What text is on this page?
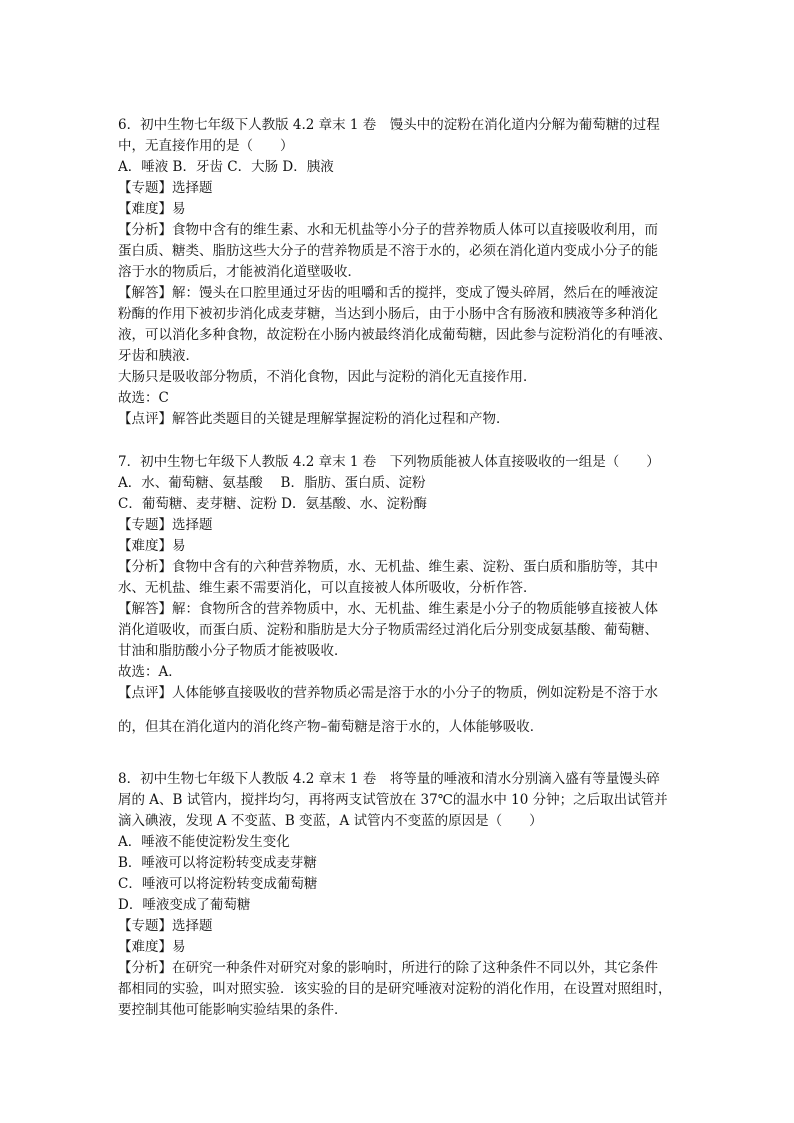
6．初中生物七年级下人教版 4.2 章末 1 卷　馒头中的淀粉在消化道内分解为葡萄糖的过程
中，无直接作用的是（　　）
A．唾液 B．牙齿 C．大肠 D．胰液
【专题】选择题
【难度】易
【分析】食物中含有的维生素、水和无机盐等小分子的营养物质人体可以直接吸收利用，而
蛋白质、糖类、脂肪这些大分子的营养物质是不溶于水的，必须在消化道内变成小分子的能
溶于水的物质后，才能被消化道壁吸收．
【解答】解：馒头在口腔里通过牙齿的咀嚼和舌的搅拌，变成了馒头碎屑，然后在的唾液淀
粉酶的作用下被初步消化成麦芽糖，当达到小肠后，由于小肠中含有肠液和胰液等多种消化
液，可以消化多种食物，故淀粉在小肠内被最终消化成葡萄糖，因此参与淀粉消化的有唾液、
牙齿和胰液．
大肠只是吸收部分物质，不消化食物，因此与淀粉的消化无直接作用．
故选：C
【点评】解答此类题目的关键是理解掌握淀粉的消化过程和产物．
7．初中生物七年级下人教版 4.2 章末 1 卷　下列物质能被人体直接吸收的一组是（　　）
A．水、葡萄糖、氨基酸　 B．脂肪、蛋白质、淀粉
C．葡萄糖、麦芽糖、淀粉 D．氨基酸、水、淀粉酶
【专题】选择题
【难度】易
【分析】食物中含有的六种营养物质，水、无机盐、维生素、淀粉、蛋白质和脂肪等，其中
水、无机盐、维生素不需要消化，可以直接被人体所吸收，分析作答．
【解答】解：食物所含的营养物质中，水、无机盐、维生素是小分子的物质能够直接被人体
消化道吸收，而蛋白质、淀粉和脂肪是大分子物质需经过消化后分别变成氨基酸、葡萄糖、
甘油和脂肪酸小分子物质才能被吸收．
故选：A．
【点评】人体能够直接吸收的营养物质必需是溶于水的小分子的物质，例如淀粉是不溶于水
的，但其在消化道内的消化终产物–葡萄糖是溶于水的，人体能够吸收．
8．初中生物七年级下人教版 4.2 章末 1 卷　将等量的唾液和清水分别滴入盛有等量馒头碎
屑的 A、B 试管内，搅拌均匀，再将两支试管放在 37℃的温水中 10 分钟；之后取出试管并
滴入碘液，发现 A 不变蓝、B 变蓝，A 试管内不变蓝的原因是（　　）
A．唾液不能使淀粉发生变化
B．唾液可以将淀粉转变成麦芽糖
C．唾液可以将淀粉转变成葡萄糖
D．唾液变成了葡萄糖
【专题】选择题
【难度】易
【分析】在研究一种条件对研究对象的影响时，所进行的除了这种条件不同以外，其它条件
都相同的实验，叫对照实验．该实验的目的是研究唾液对淀粉的消化作用，在设置对照组时，
要控制其他可能影响实验结果的条件．
